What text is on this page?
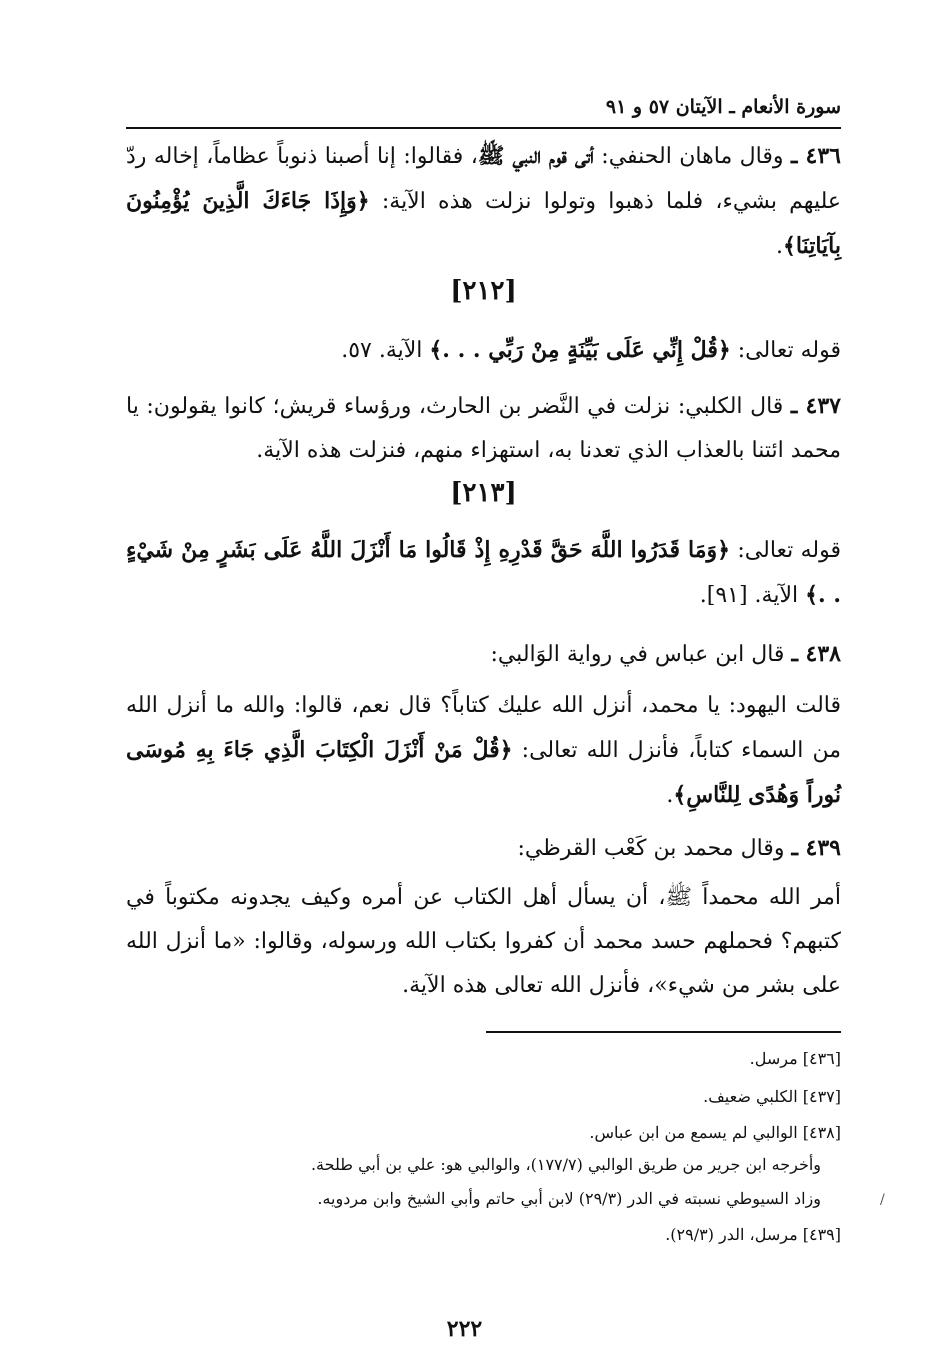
سورة الأنعام ـ الآيتان ٥٧ و ٩١
٤٣٦ ـ وقال ماهان الحنفي: أتى قوم النبي ﷺ، فقالوا: إنا أصبنا ذنوباً عظاماً، إخاله ردّ عليهم بشيء، فلما ذهبوا وتولوا نزلت هذه الآية: ﴿وَإِذَا جَاءَكَ الَّذِينَ يُؤْمِنُونَ بِآيَاتِنَا﴾.
[٢١٢]
قوله تعالى: ﴿قُلْ إِنِّي عَلَى بَيِّنَةٍ مِنْ رَبِّي . . .﴾ الآية. ٥٧.
٤٣٧ ـ قال الكلبي: نزلت في النَّضر بن الحارث، ورؤساء قريش؛ كانوا يقولون: يا محمد ائتنا بالعذاب الذي تعدنا به، استهزاء منهم، فنزلت هذه الآية.
[٢١٣]
قوله تعالى: ﴿وَمَا قَدَرُوا اللَّهَ حَقَّ قَدْرِهِ إِذْ قَالُوا مَا أَنْزَلَ اللَّهُ عَلَى بَشَرٍ مِنْ شَيْءٍ . .﴾ الآية. [٩١].
٤٣٨ ـ قال ابن عباس في رواية الوَالبي:
قالت اليهود: يا محمد، أنزل الله عليك كتاباً؟ قال نعم، قالوا: والله ما أنزل الله من السماء كتاباً، فأنزل الله تعالى: ﴿قُلْ مَنْ أَنْزَلَ الْكِتَابَ الَّذِي جَاءَ بِهِ مُوسَى نُوراً وَهُدًى لِلنَّاسِ﴾.
٤٣٩ ـ وقال محمد بن كَعْب القرظي:
أمر الله محمداً ﷺ، أن يسأل أهل الكتاب عن أمره وكيف يجدونه مكتوباً في كتبهم؟ فحملهم حسد محمد أن كفروا بكتاب الله ورسوله، وقالوا: «ما أنزل الله على بشر من شيء»، فأنزل الله تعالى هذه الآية.
[٤٣٦] مرسل.
[٤٣٧] الكلبي ضعيف.
[٤٣٨] الوالبي لم يسمع من ابن عباس.
وأخرجه ابن جرير من طريق الوالبي (١٧٧/٧)، والوالبي هو: علي بن أبي طلحة.
وزاد السيوطي نسبته في الدر (٢٩/٣) لابن أبي حاتم وأبي الشيخ وابن مردويه.
[٤٣٩] مرسل، الدر (٢٩/٣).
/
٢٢٢
